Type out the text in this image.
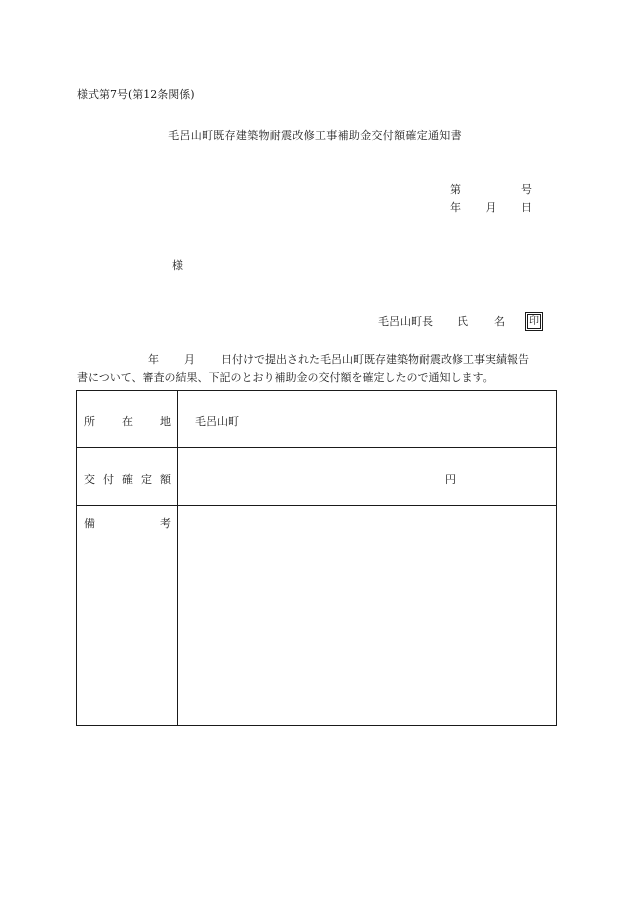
様式第7号(第12条関係)
毛呂山町既存建築物耐震改修工事補助金交付額確定通知書
第	号
年 月 日
様
毛呂山町長 氏 名 印
年 月 日付けで提出された毛呂山町既存建築物耐震改修工事実績報告
書について、審査の結果、下記のとおり補助金の交付額を確定したので通知します。
所 在 地 毛呂山町
交 付 確 定 額	円
備	考
